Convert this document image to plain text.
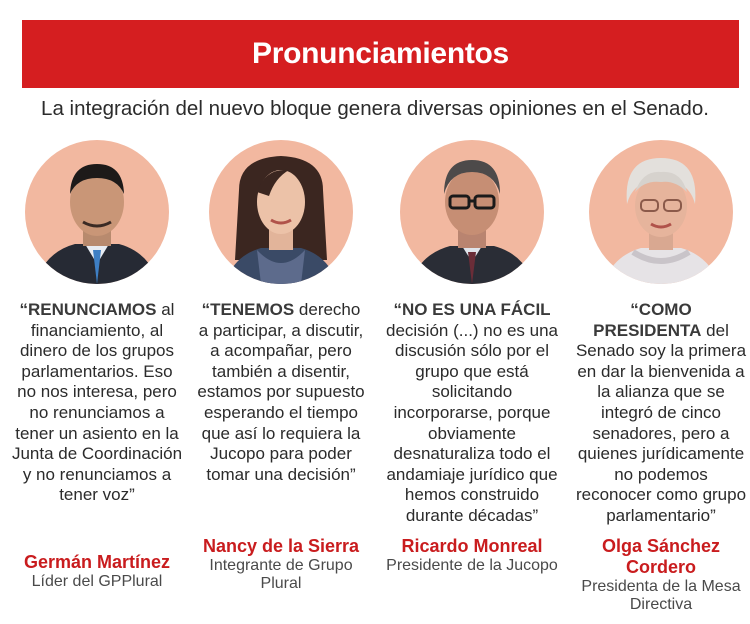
Pronunciamientos
La integración del nuevo bloque genera diversas opiniones en el Senado.
“RENUNCIAMOS al financiamiento, al dinero de los grupos parlamentarios. Eso no nos interesa, pero no renunciamos a tener un asiento en la Junta de Coordinación y no renunciamos a tener voz”
Germán Martínez
Líder del GPPlural
“TENEMOS derecho a participar, a discutir, a acompañar, pero también a disentir, estamos por supuesto esperando el tiempo que así lo requiera la Jucopo para poder tomar una decisión”
Nancy de la Sierra
Integrante de Grupo Plural
“NO ES UNA FÁCIL decisión (...) no es una discusión sólo por el grupo que está solicitando incorporarse, porque obviamente desnaturaliza todo el andamiaje jurídico que hemos construido durante décadas”
Ricardo Monreal
Presidente de la Jucopo
“COMO PRESIDENTA del Senado soy la primera en dar la bienvenida a la alianza que se integró de cinco senadores, pero a quienes jurídicamente no podemos reconocer como grupo parlamentario”
Olga Sánchez Cordero
Presidenta de la Mesa Directiva
